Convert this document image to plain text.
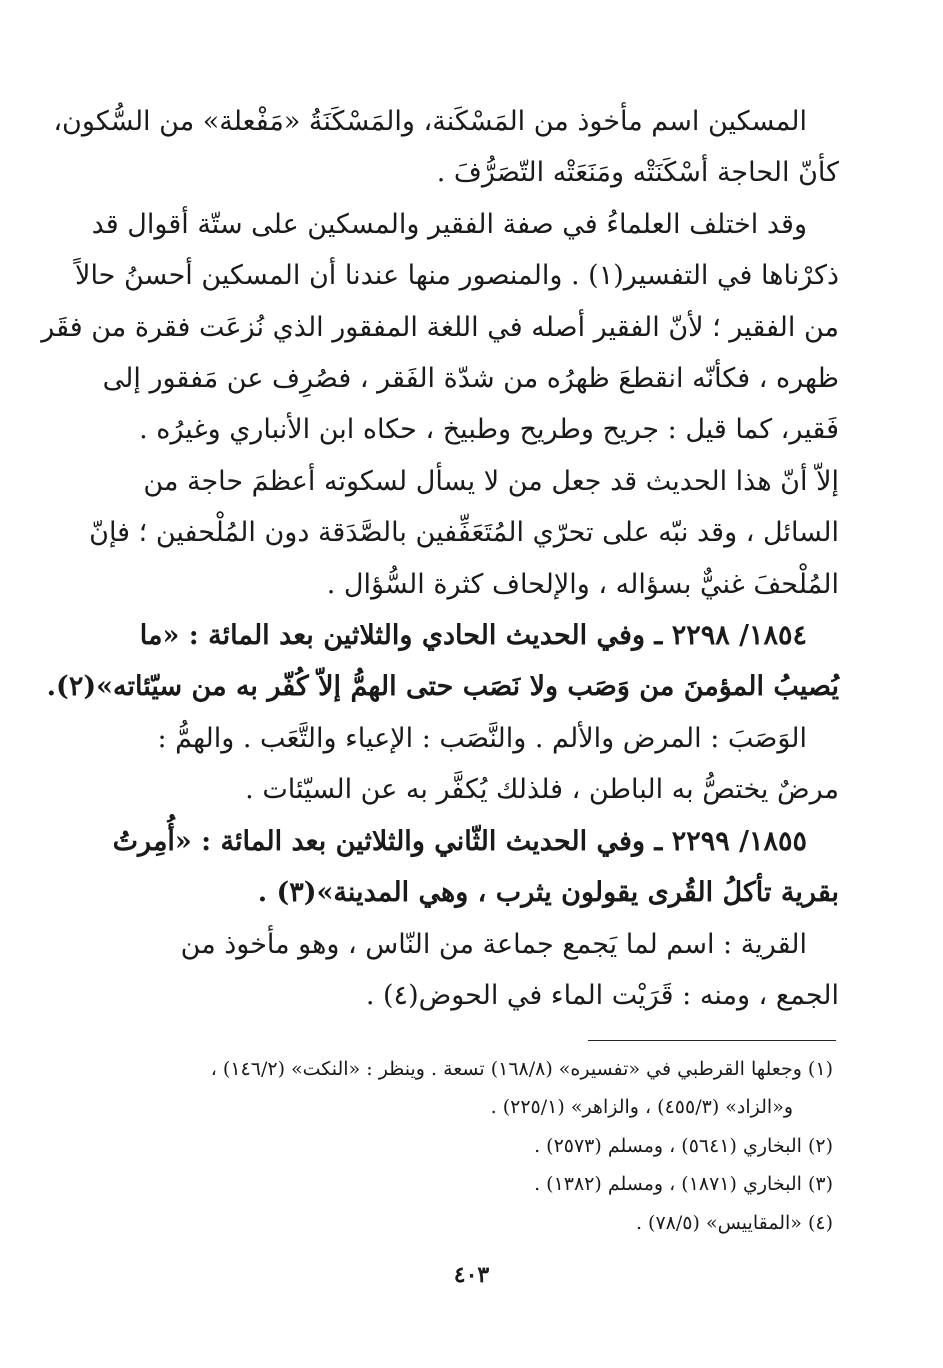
المسكين اسم مأخوذ من المَسْكَنة، والمَسْكَنَةُ «مَفْعلة» من السُّكون،
كأنّ الحاجة أسْكَنَتْه ومَنَعَتْه التّصَرُّفَ .
وقد اختلف العلماءُ في صفة الفقير والمسكين على ستّة أقوال قد
ذكرْناها في التفسير(١) . والمنصور منها عندنا أن المسكين أحسنُ حالاً
من الفقير ؛ لأنّ الفقير أصله في اللغة المفقور الذي نُزعَت فقرة من فقَر
ظهره ، فكأنّه انقطعَ ظهرُه من شدّة الفَقر ، فصُرِف عن مَفقور إلى
فَقير، كما قيل : جريح وطريح وطبيخ ، حكاه ابن الأنباري وغيرُه .
إلاّ أنّ هذا الحديث قد جعل من لا يسأل لسكوته أعظمَ حاجة من
السائل ، وقد نبّه على تحرّي المُتَعَفِّفين بالصَّدَقة دون المُلْحفين ؛ فإنّ
المُلْحفَ غنيٌّ بسؤاله ، والإلحاف كثرة السُّؤال .
١٨٥٤/ ٢٢٩٨ ـ وفي الحديث الحادي والثلاثين بعد المائة : «ما
يُصيبُ المؤمنَ من وَصَب ولا نَصَب حتى الهمُّ إلاّ كُفّر به من سيّئاته»(٢).
الوَصَبَ : المرض والألم . والنَّصَب : الإعياء والتَّعَب . والهمُّ :
مرضٌ يختصُّ به الباطن ، فلذلك يُكفَّر به عن السيّئات .
١٨٥٥/ ٢٢٩٩ ـ وفي الحديث الثّاني والثلاثين بعد المائة : «أُمِرتُ
بقرية تأكلُ القُرى يقولون يثرب ، وهي المدينة»(٣) .
القرية : اسم لما يَجمع جماعة من النّاس ، وهو مأخوذ من
الجمع ، ومنه : قَرَيْت الماء في الحوض(٤) .
(١) وجعلها القرطبي في «تفسيره» (١٦٨/٨) تسعة . وينظر : «النكت» (١٤٦/٢) ،
و«الزاد» (٤٥٥/٣) ، والزاهر» (٢٢٥/١) .
(٢) البخاري (٥٦٤١) ، ومسلم (٢٥٧٣) .
(٣) البخاري (١٨٧١) ، ومسلم (١٣٨٢) .
(٤) «المقاييس» (٧٨/٥) .
٤٠٣
